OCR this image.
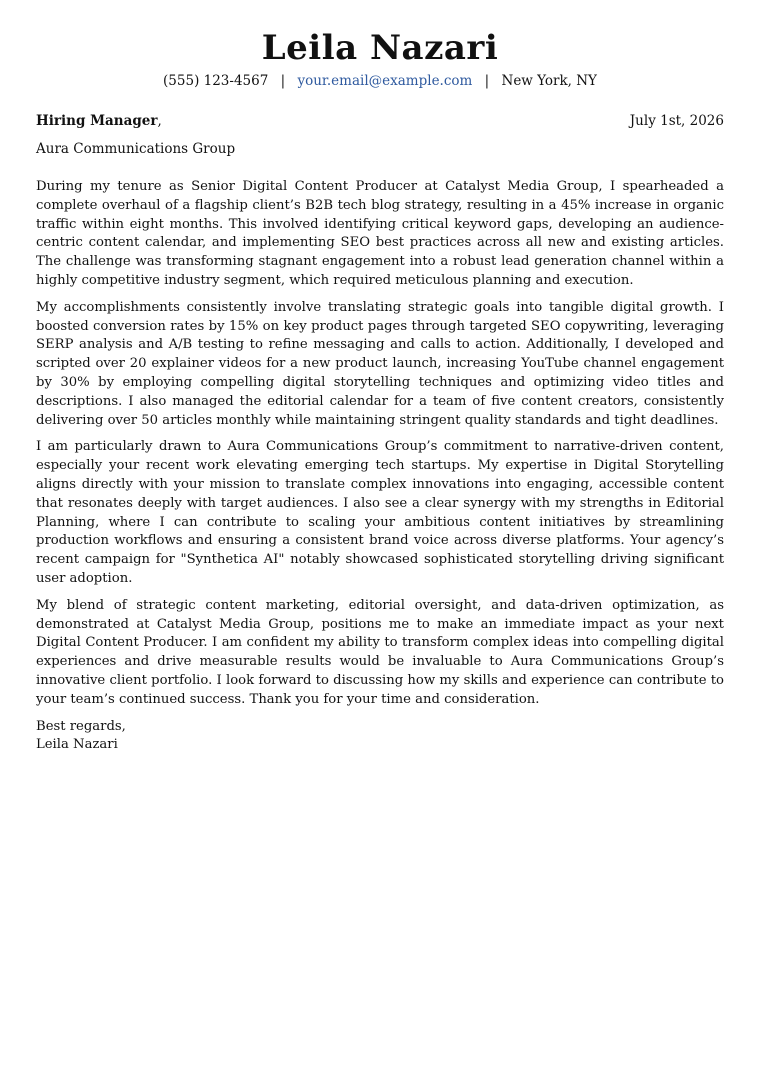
Leila Nazari
(555) 123-4567 | your.email@example.com | New York, NY
Hiring Manager,	July 1st, 2026
Aura Communications Group

During my tenure as Senior Digital Content Producer at Catalyst Media Group, I spearheaded a complete overhaul of a flagship client’s B2B tech blog strategy, resulting in a 45% increase in organic traffic within eight months. This involved identifying critical keyword gaps, developing an audience-centric content calendar, and implementing SEO best practices across all new and existing articles. The challenge was transforming stagnant engagement into a robust lead generation channel within a highly competitive industry segment, which required meticulous planning and execution.

My accomplishments consistently involve translating strategic goals into tangible digital growth. I boosted conversion rates by 15% on key product pages through targeted SEO copywriting, leveraging SERP analysis and A/B testing to refine messaging and calls to action. Additionally, I developed and scripted over 20 explainer videos for a new product launch, increasing YouTube channel engagement by 30% by employing compelling digital storytelling techniques and optimizing video titles and descriptions. I also managed the editorial calendar for a team of five content creators, consistently delivering over 50 articles monthly while maintaining stringent quality standards and tight deadlines.

I am particularly drawn to Aura Communications Group’s commitment to narrative-driven content, especially your recent work elevating emerging tech startups. My expertise in Digital Storytelling aligns directly with your mission to translate complex innovations into engaging, accessible content that resonates deeply with target audiences. I also see a clear synergy with my strengths in Editorial Planning, where I can contribute to scaling your ambitious content initiatives by streamlining production workflows and ensuring a consistent brand voice across diverse platforms. Your agency’s recent campaign for "Synthetica AI" notably showcased sophisticated storytelling driving significant user adoption.

My blend of strategic content marketing, editorial oversight, and data-driven optimization, as demonstrated at Catalyst Media Group, positions me to make an immediate impact as your next Digital Content Producer. I am confident my ability to transform complex ideas into compelling digital experiences and drive measurable results would be invaluable to Aura Communications Group’s innovative client portfolio. I look forward to discussing how my skills and experience can contribute to your team’s continued success. Thank you for your time and consideration.

Best regards,
Leila Nazari
